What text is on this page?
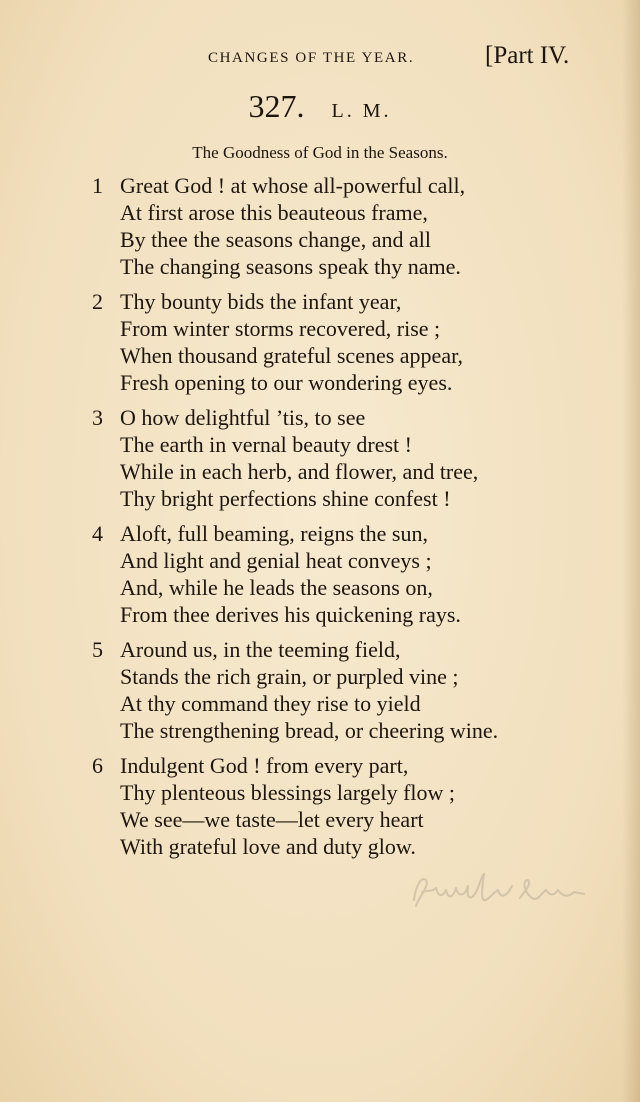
CHANGES OF THE YEAR.	[Part IV.
327. L. M.
The Goodness of God in the Seasons.
1 Great God ! at whose all-powerful call,
At first arose this beauteous frame,
By thee the seasons change, and all
The changing seasons speak thy name.
2 Thy bounty bids the infant year,
From winter storms recovered, rise ;
When thousand grateful scenes appear,
Fresh opening to our wondering eyes.
3 O how delightful ’tis, to see
The earth in vernal beauty drest !
While in each herb, and flower, and tree,
Thy bright perfections shine confest !
4 Aloft, full beaming, reigns the sun,
And light and genial heat conveys ;
And, while he leads the seasons on,
From thee derives his quickening rays.
5 Around us, in the teeming field,
Stands the rich grain, or purpled vine ;
At thy command they rise to yield
The strengthening bread, or cheering wine.
6 Indulgent God ! from every part,
Thy plenteous blessings largely flow ;
We see—we taste—let every heart
With grateful love and duty glow.
